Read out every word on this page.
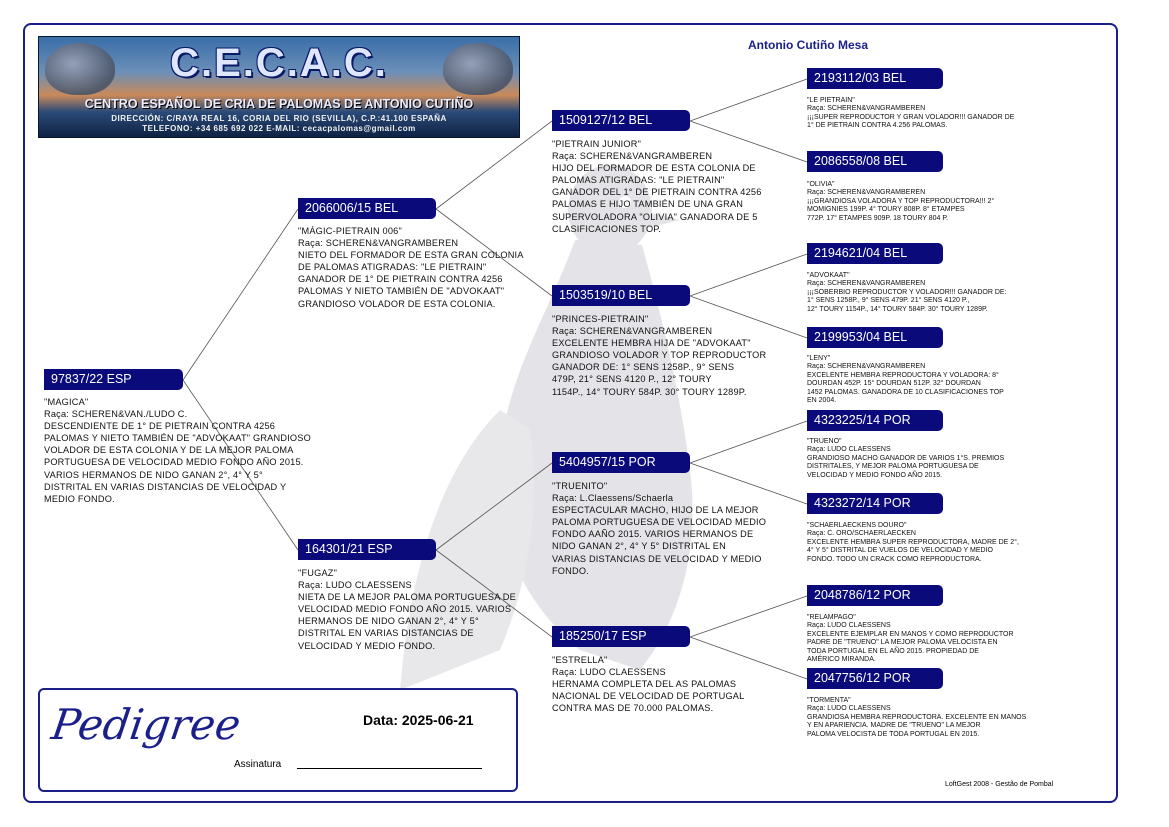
C.E.C.A.C.
CENTRO ESPAÑOL DE CRIA DE PALOMAS DE ANTONIO CUTIÑO
DIRECCIÓN: C/RAYA REAL 16, CORIA DEL RIO (SEVILLA), C.P.:41.100 ESPAÑA
TELEFONO: +34 685 692 022 E-MAIL: cecacpalomas@gmail.com
Antonio Cutiño Mesa
97837/22 ESP
"MAGICA"
Raça: SCHEREN&VAN./LUDO C.
DESCENDIENTE DE 1° DE PIETRAIN CONTRA 4256
PALOMAS Y NIETO TAMBIÉN DE "ADVOKAAT" GRANDIOSO
VOLADOR DE ESTA COLONIA Y DE LA MEJOR PALOMA
PORTUGUESA DE VELOCIDAD MEDIO FONDO AÑO 2015.
VARIOS HERMANOS DE NIDO GANAN 2°, 4° Y 5°
DISTRITAL EN VARIAS DISTANCIAS DE VELOCIDAD Y
MEDIO FONDO.
2066006/15 BEL
"MÁGIC-PIETRAIN 006"
Raça: SCHEREN&VANGRAMBEREN
NIETO DEL FORMADOR DE ESTA GRAN COLONIA
DE PALOMAS ATIGRADAS: "LE PIETRAIN"
GANADOR DE 1° DE PIETRAIN CONTRA 4256
PALOMAS Y NIETO TAMBIÉN DE "ADVOKAAT"
GRANDIOSO VOLADOR DE ESTA COLONIA.
164301/21 ESP
"FUGAZ"
Raça: LUDO CLAESSENS
NIETA DE LA MEJOR PALOMA PORTUGUESA DE
VELOCIDAD MEDIO FONDO AÑO 2015. VARIOS
HERMANOS DE NIDO GANAN 2°, 4° Y 5°
DISTRITAL EN VARIAS DISTANCIAS DE
VELOCIDAD Y MEDIO FONDO.
1509127/12 BEL
"PIETRAIN JUNIOR"
Raça: SCHEREN&VANGRAMBEREN
HIJO DEL FORMADOR DE ESTA COLONIA DE
PALOMAS ATIGRADAS: "LE PIETRAIN"
GANADOR DEL 1° DE PIETRAIN CONTRA 4256
PALOMAS E HIJO TAMBIÉN DE UNA GRAN
SUPERVOLADORA "OLIVIA" GANADORA DE 5
CLASIFICACIONES TOP.
1503519/10 BEL
"PRINCES-PIETRAIN"
Raça: SCHEREN&VANGRAMBEREN
EXCELENTE HEMBRA HIJA DE "ADVOKAAT"
GRANDIOSO VOLADOR Y TOP REPRODUCTOR
GANADOR DE: 1° SENS 1258P., 9° SENS
479P, 21° SENS 4120 P., 12° TOURY
1154P., 14° TOURY 584P. 30° TOURY 1289P.
5404957/15 POR
"TRUENITO"
Raça: L.Claessens/Schaerla
ESPECTACULAR MACHO, HIJO DE LA MEJOR
PALOMA PORTUGUESA DE VELOCIDAD MEDIO
FONDO AAÑO 2015. VARIOS HERMANOS DE
NIDO GANAN 2°, 4° Y 5° DISTRITAL EN
VARIAS DISTANCIAS DE VELOCIDAD Y MEDIO
FONDO.
185250/17 ESP
"ESTRELLA"
Raça: LUDO CLAESSENS
HERNAMA COMPLETA DEL AS PALOMAS
NACIONAL DE VELOCIDAD DE PORTUGAL
CONTRA MAS DE 70.000 PALOMAS.
2193112/03 BEL
"LE PIETRAIN"
Raça: SCHEREN&VANGRAMBEREN
¡¡¡SUPER REPRODUCTOR Y GRAN VOLADOR!!! GANADOR DE
1° DE PIETRAIN CONTRA 4.256 PALOMAS.
2086558/08 BEL
"OLIVIA"
Raça: SCHEREN&VANGRAMBEREN
¡¡¡GRANDIOSA VOLADORA Y TOP REPRODUCTORA!!! 2°
MOMIGNIES 199P. 4° TOURY 808P. 8° ETAMPES
772P. 17° ETAMPES 909P. 18 TOURY 804 P.
2194621/04 BEL
"ADVOKAAT"
Raça: SCHEREN&VANGRAMBEREN
¡¡¡SOBERBIO REPRODUCTOR Y VOLADOR!!! GANADOR DE:
1° SENS 1258P., 9° SENS 479P. 21° SENS 4120 P.,
12° TOURY 1154P., 14° TOURY 584P. 30° TOURY 1289P.
2199953/04 BEL
"LENY"
Raça: SCHEREN&VANGRAMBEREN
EXCELENTE HEMBRA REPRODUCTORA Y VOLADORA: 8°
DOURDAN 452P. 15° DOURDAN 512P. 32° DOURDAN
1452 PALOMAS. GANADORA DE 10 CLASIFICACIONES TOP
EN 2004.
4323225/14 POR
"TRUENO"
Raça: LUDO CLAESSENS
GRANDIOSO MACHO GANADOR DE VARIOS 1°S. PREMIOS
DISTRITALES, Y MEJOR PALOMA PORTUGUESA DE
VELOCIDAD Y MEDIO FONDO AÑO 2015.
4323272/14 POR
"SCHAERLAECKENS DOURO"
Raça: C. ORO/SCHAERLAECKEN
EXCELENTE HEMBRA SUPER REPRODUCTORA, MADRE DE 2°,
4° Y 5° DISTRITAL DE VUELOS DE VELOCIDAD Y MEDIO
FONDO. TODO UN CRACK COMO REPRODUCTORA.
2048786/12 POR
"RELAMPAGO"
Raça: LUDO CLAESSENS
EXCELENTE EJEMPLAR EN MANOS Y COMO REPRODUCTOR
PADRE DE "TRUENO" LA MEJOR PALOMA VELOCISTA EN
TODA PORTUGAL EN EL AÑO 2015. PROPIEDAD DE
AMÉRICO MIRANDA.
2047756/12 POR
"TORMENTA"
Raça: LUDO CLAESSENS
GRANDIOSA HEMBRA REPRODUCTORA. EXCELENTE EN MANOS
Y EN APARIENCIA. MADRE DE "TRUENO" LA MEJOR
PALOMA VELOCISTA DE TODA PORTUGAL EN 2015.
Pedigree	Data: 2025-06-21
Assinatura
LoftGest 2008 - Gestão de Pombal
